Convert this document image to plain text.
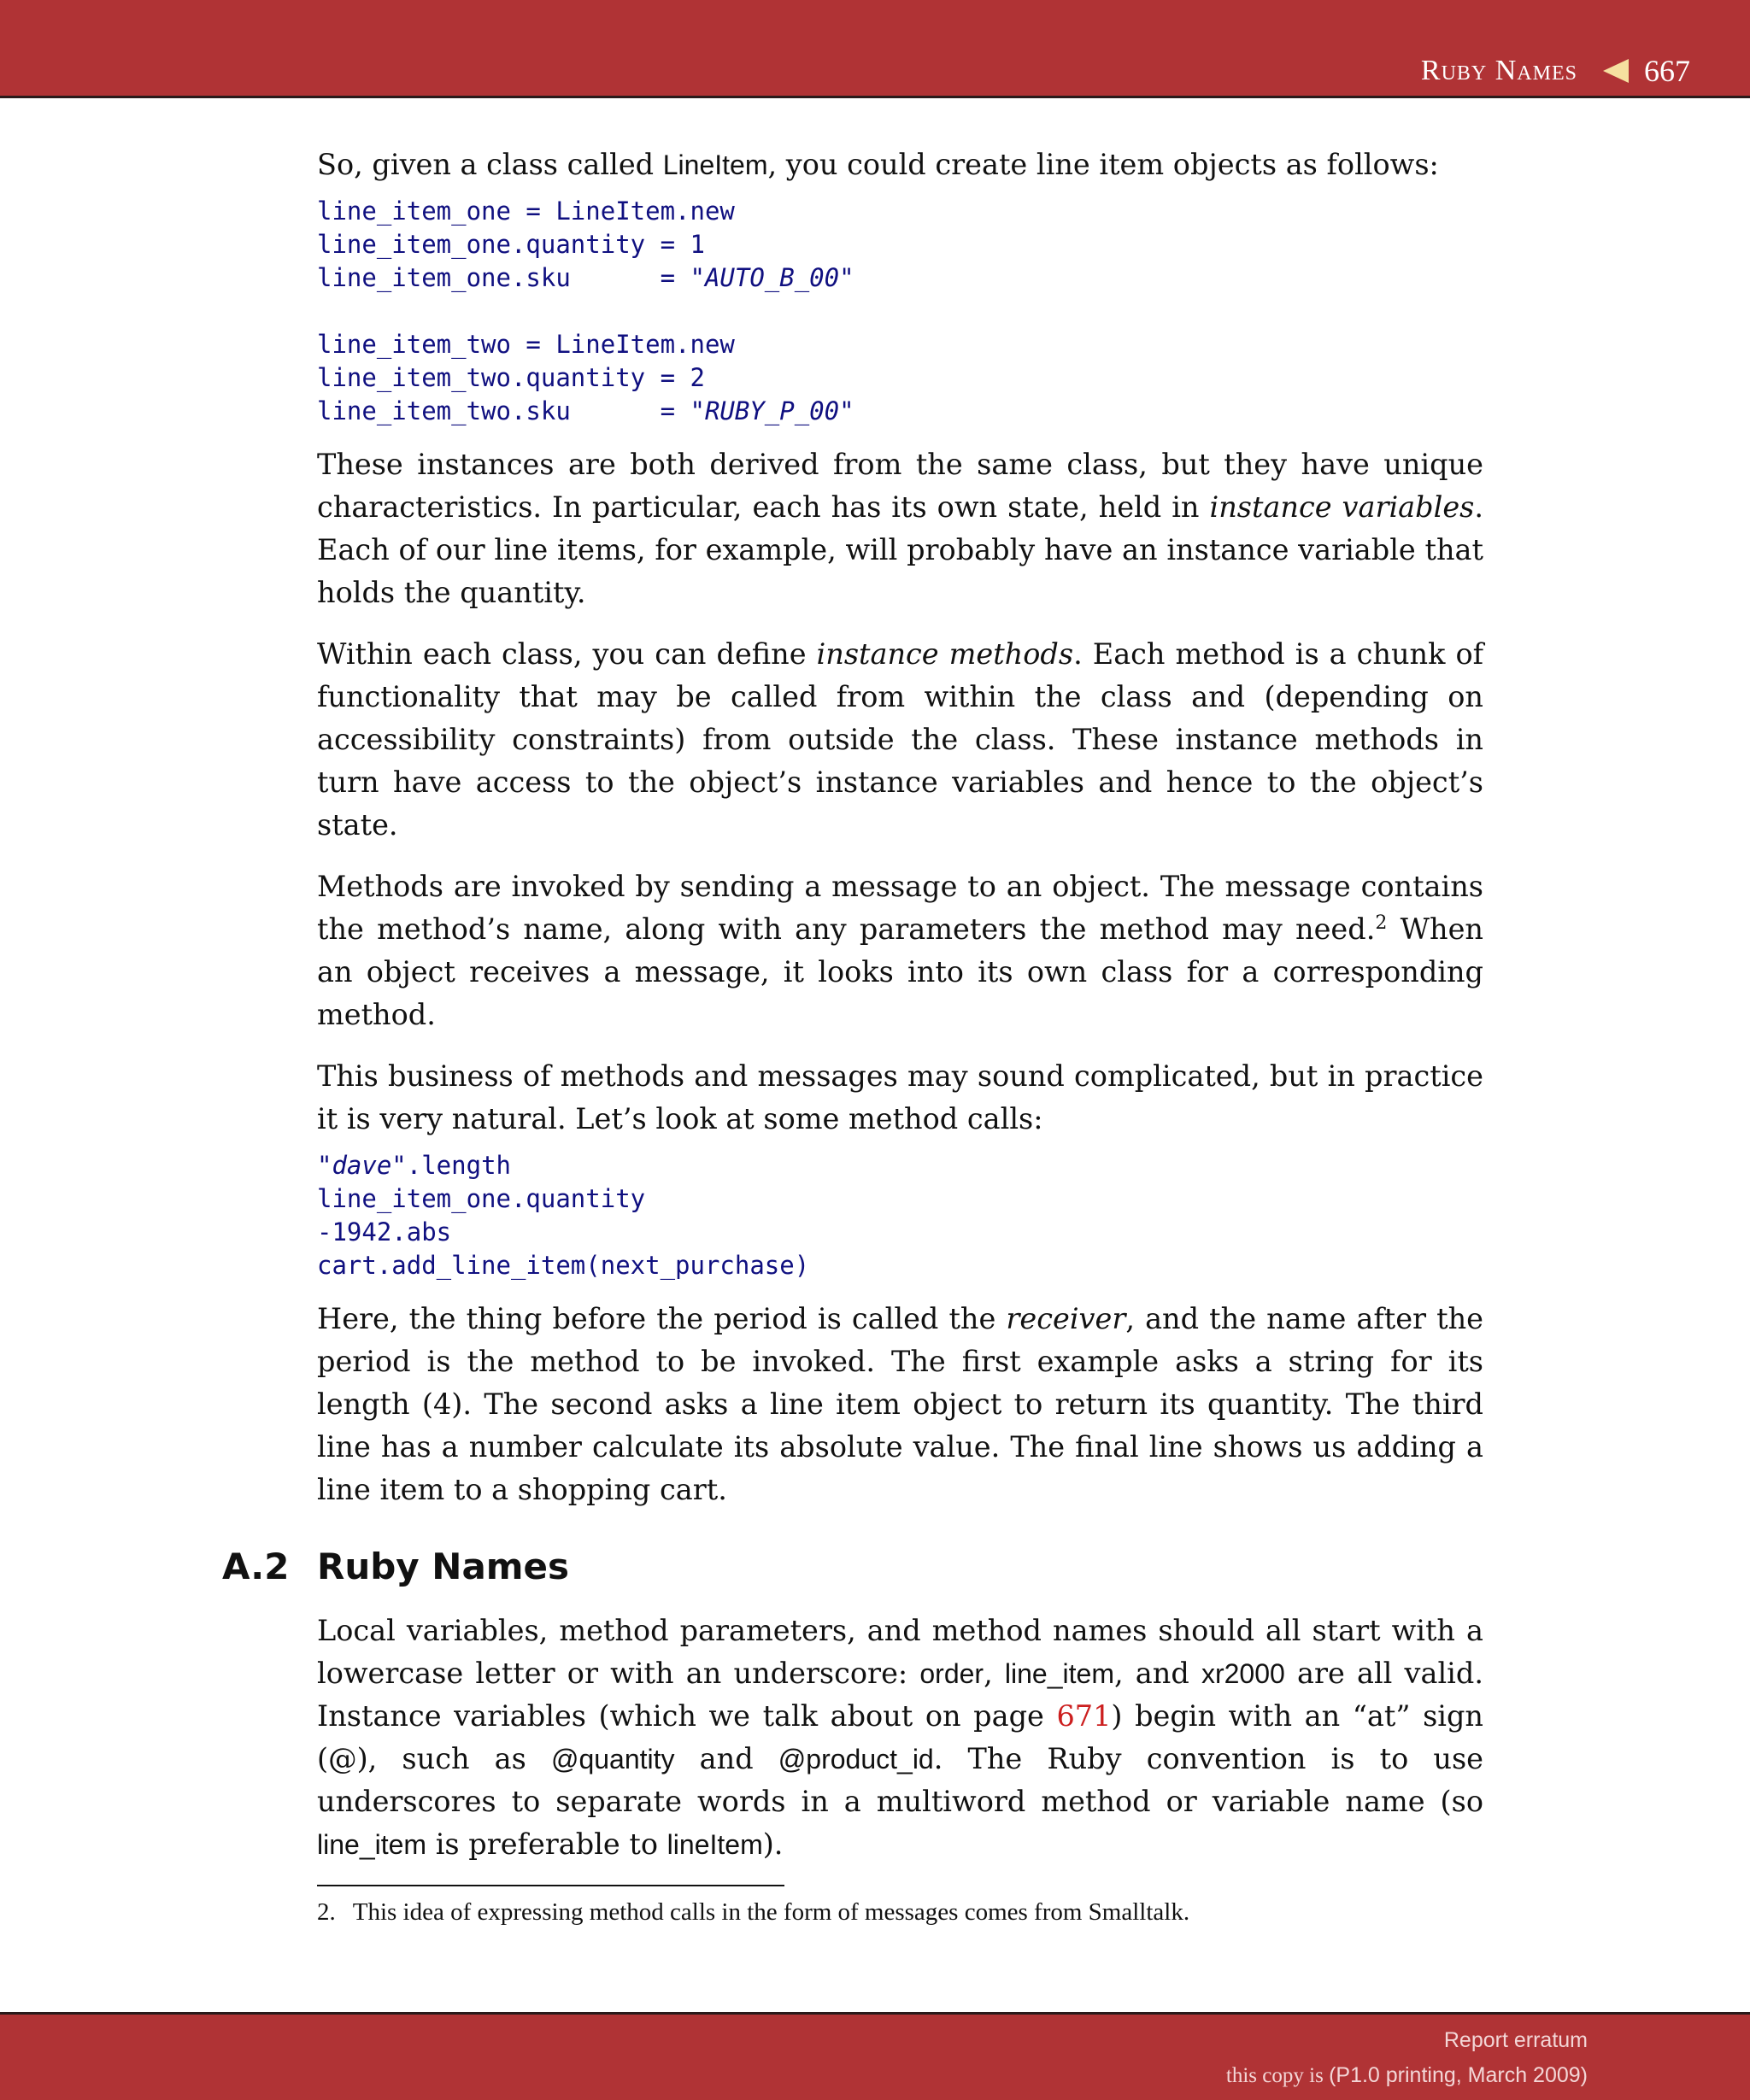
Ruby Names 667

So, given a class called LineItem, you could create line item objects as follows:

line_item_one = LineItem.new
line_item_one.quantity = 1
line_item_one.sku      = "AUTO_B_00"
line_item_two = LineItem.new
line_item_two.quantity = 2
line_item_two.sku      = "RUBY_P_00"

These instances are both derived from the same class, but they have unique characteristics. In particular, each has its own state, held in instance variables. Each of our line items, for example, will probably have an instance variable that holds the quantity.

Within each class, you can define instance methods. Each method is a chunk of functionality that may be called from within the class and (depending on accessibility constraints) from outside the class. These instance methods in turn have access to the object’s instance variables and hence to the object’s state.

Methods are invoked by sending a message to an object. The message contains the method’s name, along with any parameters the method may need.$^2$ When an object receives a message, it looks into its own class for a corresponding method.

This business of methods and messages may sound complicated, but in practice it is very natural. Let’s look at some method calls:

"dave".length
line_item_one.quantity
-1942.abs
cart.add_line_item(next_purchase)

Here, the thing before the period is called the receiver, and the name after the period is the method to be invoked. The first example asks a string for its length (4). The second asks a line item object to return its quantity. The third line has a number calculate its absolute value. The final line shows us adding a line item to a shopping cart.

A.2 Ruby Names

Local variables, method parameters, and method names should all start with a lowercase letter or with an underscore: order, line_item, and xr2000 are all valid. Instance variables (which we talk about on page 671) begin with an “at” sign (@), such as @quantity and @product_id. The Ruby convention is to use underscores to separate words in a multiword method or variable name (so line_item is preferable to lineItem).

2. This idea of expressing method calls in the form of messages comes from Smalltalk.
Report erratum
this copy is (P1.0 printing, March 2009)
